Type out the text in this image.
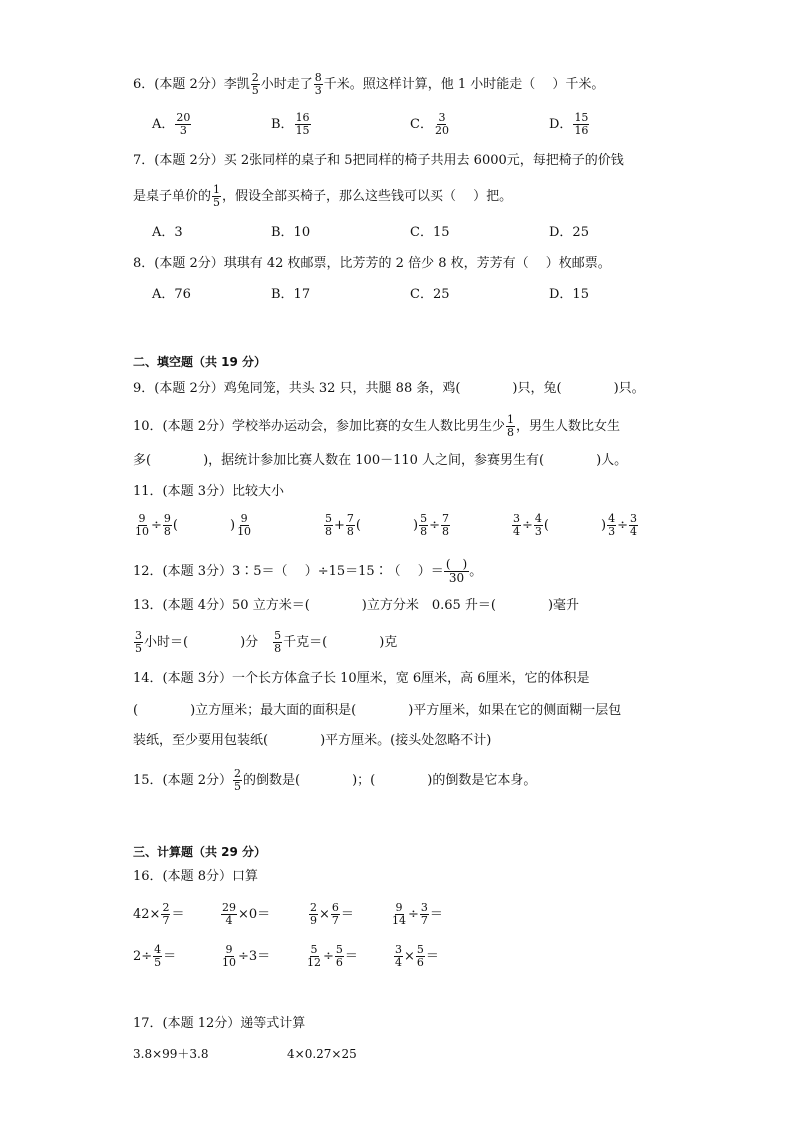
6．(本题 2分）李凯 $\frac{2}{5}$ 小时走了 $\frac{8}{3}$ 千米。照这样计算，他 1 小时能走（　 ）千米。
A． $\frac{20}{3}$	B． $\frac{16}{15}$	C． $\frac{3}{20}$	D． $\frac{15}{16}$
7．(本题 2分）买 2张同样的桌子和 5把同样的椅子共用去 6000元，每把椅子的价钱
是桌子单价的 $\frac{1}{5}$ ，假设全部买椅子，那么这些钱可以买（　 ）把。
A．3	B．10	C．15	D．25
8．(本题 2分）琪琪有 42 枚邮票，比芳芳的 2 倍少 8 枚，芳芳有（　 ）枚邮票。
A．76	B．17	C．25	D．15
二、填空题（共 19 分）
9．(本题 2分）鸡兔同笼，共头 32 只，共腿 88 条，鸡(　　　　)只，兔(　　　　)只。
10．(本题 2分）学校举办运动会，参加比赛的女生人数比男生少 $\frac{1}{8}$ ，男生人数比女生
多(　　　　)，据统计参加比赛人数在 100－110 人之间，参赛男生有(　　　　)人。
11．(本题 3分）比较大小
$\frac{9}{10} \div \frac{9}{8}$ (　　　　) $\frac{9}{10}$	$\frac{5}{8} + \frac{7}{8}$ (　　　　) $\frac{5}{8} \div \frac{7}{8}$	$\frac{3}{4} \div \frac{4}{3}$ (　　　　) $\frac{4}{3} \div \frac{3}{4}$
12．(本题 3分）3∶5＝（　 ）÷15＝15∶（　 ）＝ (　)
30 。
13．(本题 4分）50 立方米＝(　　　　)立方分米　0.65 升＝(　　　　)毫升
$\frac{3}{5}$ 小时＝(　　　　)分 $\frac{5}{8}$ 千克＝(　　　　)克
14．(本题 3分）一个长方体盒子长 10厘米，宽 6厘米，高 6厘米，它的体积是
(　　　　)立方厘米；最大面的面积是(　　　　)平方厘米，如果在它的侧面糊一层包
装纸，至少要用包装纸(　　　　)平方厘米。(接头处忽略不计)
15．(本题 2分） $\frac{2}{5}$ 的倒数是(　　　　)；(　　　　)的倒数是它本身。
三、计算题（共 29 分）
16．(本题 8分）口算
$42\times \frac{2}{7}$ ＝	$\frac{29}{4} \times 0=$	$\frac{2}{9} \times \frac{6}{7}$ ＝	$\frac{9}{14} \div \frac{3}{7}$ ＝
$2\div \frac{4}{5}$ ＝	$\frac{9}{10} \div 3=$	$\frac{5}{12} \div \frac{5}{6}$ ＝	$\frac{3}{4} \times \frac{5}{6}$ ＝
17．(本题 12分）递等式计算
3.8×99＋3.8	4×0.27×25
